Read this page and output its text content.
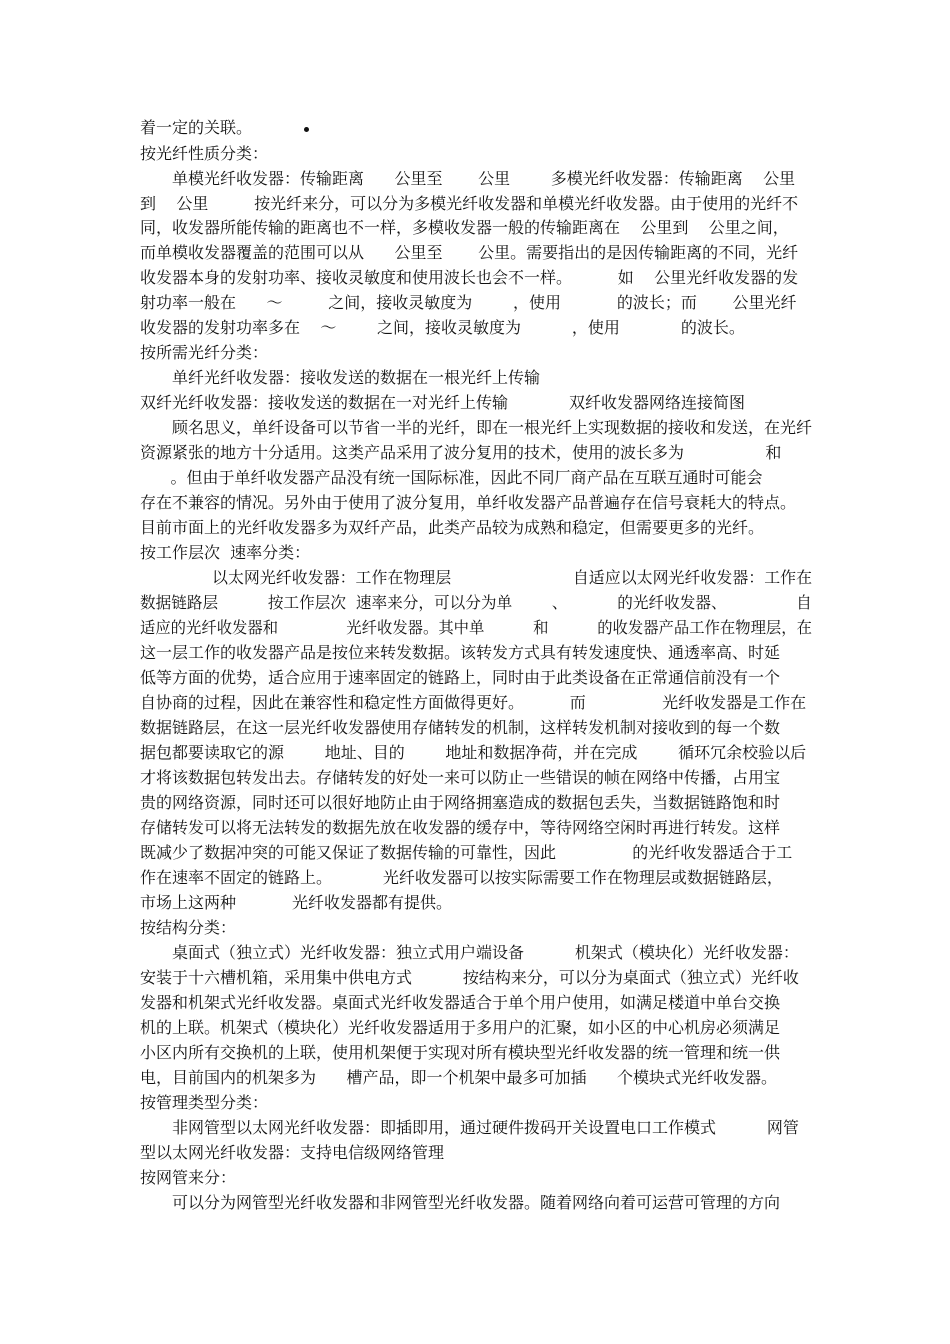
着一定的关联。
按光纤性质分类：
单模光纤收发器：传输距离      公里至       公里        多模光纤收发器：传输距离    公里
到    公里         按光纤来分，可以分为多模光纤收发器和单模光纤收发器。由于使用的光纤不
同，收发器所能传输的距离也不一样，多模收发器一般的传输距离在    公里到    公里之间，
而单模收发器覆盖的范围可以从      公里至       公里。需要指出的是因传输距离的不同，光纤
收发器本身的发射功率、接收灵敏度和使用波长也会不一样。         如    公里光纤收发器的发
射功率一般在      ～         之间，接收灵敏度为        ，使用           的波长；而       公里光纤
收发器的发射功率多在    ～        之间，接收灵敏度为          ，使用            的波长。
按所需光纤分类：
单纤光纤收发器：接收发送的数据在一根光纤上传输
双纤光纤收发器：接收发送的数据在一对光纤上传输            双纤收发器网络连接简图
顾名思义，单纤设备可以节省一半的光纤，即在一根光纤上实现数据的接收和发送，在光纤
资源紧张的地方十分适用。这类产品采用了波分复用的技术，使用的波长多为                和
。但由于单纤收发器产品没有统一国际标准，因此不同厂商产品在互联互通时可能会
存在不兼容的情况。另外由于使用了波分复用，单纤收发器产品普遍存在信号衰耗大的特点。
目前市面上的光纤收发器多为双纤产品，此类产品较为成熟和稳定，但需要更多的光纤。
按工作层次  速率分类：
以太网光纤收发器：工作在物理层                        自适应以太网光纤收发器：工作在
数据链路层          按工作层次  速率来分，可以分为单        、          的光纤收发器、              自
适应的光纤收发器和              光纤收发器。其中单          和          的收发器产品工作在物理层，在
这一层工作的收发器产品是按位来转发数据。该转发方式具有转发速度快、通透率高、时延
低等方面的优势，适合应用于速率固定的链路上，同时由于此类设备在正常通信前没有一个
自协商的过程，因此在兼容性和稳定性方面做得更好。         而               光纤收发器是工作在
数据链路层，在这一层光纤收发器使用存储转发的机制，这样转发机制对接收到的每一个数
据包都要读取它的源        地址、目的        地址和数据净荷，并在完成        循环冗余校验以后
才将该数据包转发出去。存储转发的好处一来可以防止一些错误的帧在网络中传播，占用宝
贵的网络资源，同时还可以很好地防止由于网络拥塞造成的数据包丢失，当数据链路饱和时
存储转发可以将无法转发的数据先放在收发器的缓存中，等待网络空闲时再进行转发。这样
既减少了数据冲突的可能又保证了数据传输的可靠性，因此               的光纤收发器适合于工
作在速率不固定的链路上。          光纤收发器可以按实际需要工作在物理层或数据链路层，
市场上这两种           光纤收发器都有提供。
按结构分类：
桌面式（独立式）光纤收发器：独立式用户端设备          机架式（模块化）光纤收发器：
安装于十六槽机箱，采用集中供电方式          按结构来分，可以分为桌面式（独立式）光纤收
发器和机架式光纤收发器。桌面式光纤收发器适合于单个用户使用，如满足楼道中单台交换
机的上联。机架式（模块化）光纤收发器适用于多用户的汇聚，如小区的中心机房必须满足
小区内所有交换机的上联，使用机架便于实现对所有模块型光纤收发器的统一管理和统一供
电，目前国内的机架多为      槽产品，即一个机架中最多可加插      个模块式光纤收发器。
按管理类型分类：
非网管型以太网光纤收发器：即插即用，通过硬件拨码开关设置电口工作模式          网管
型以太网光纤收发器：支持电信级网络管理
按网管来分：
可以分为网管型光纤收发器和非网管型光纤收发器。随着网络向着可运营可管理的方向
